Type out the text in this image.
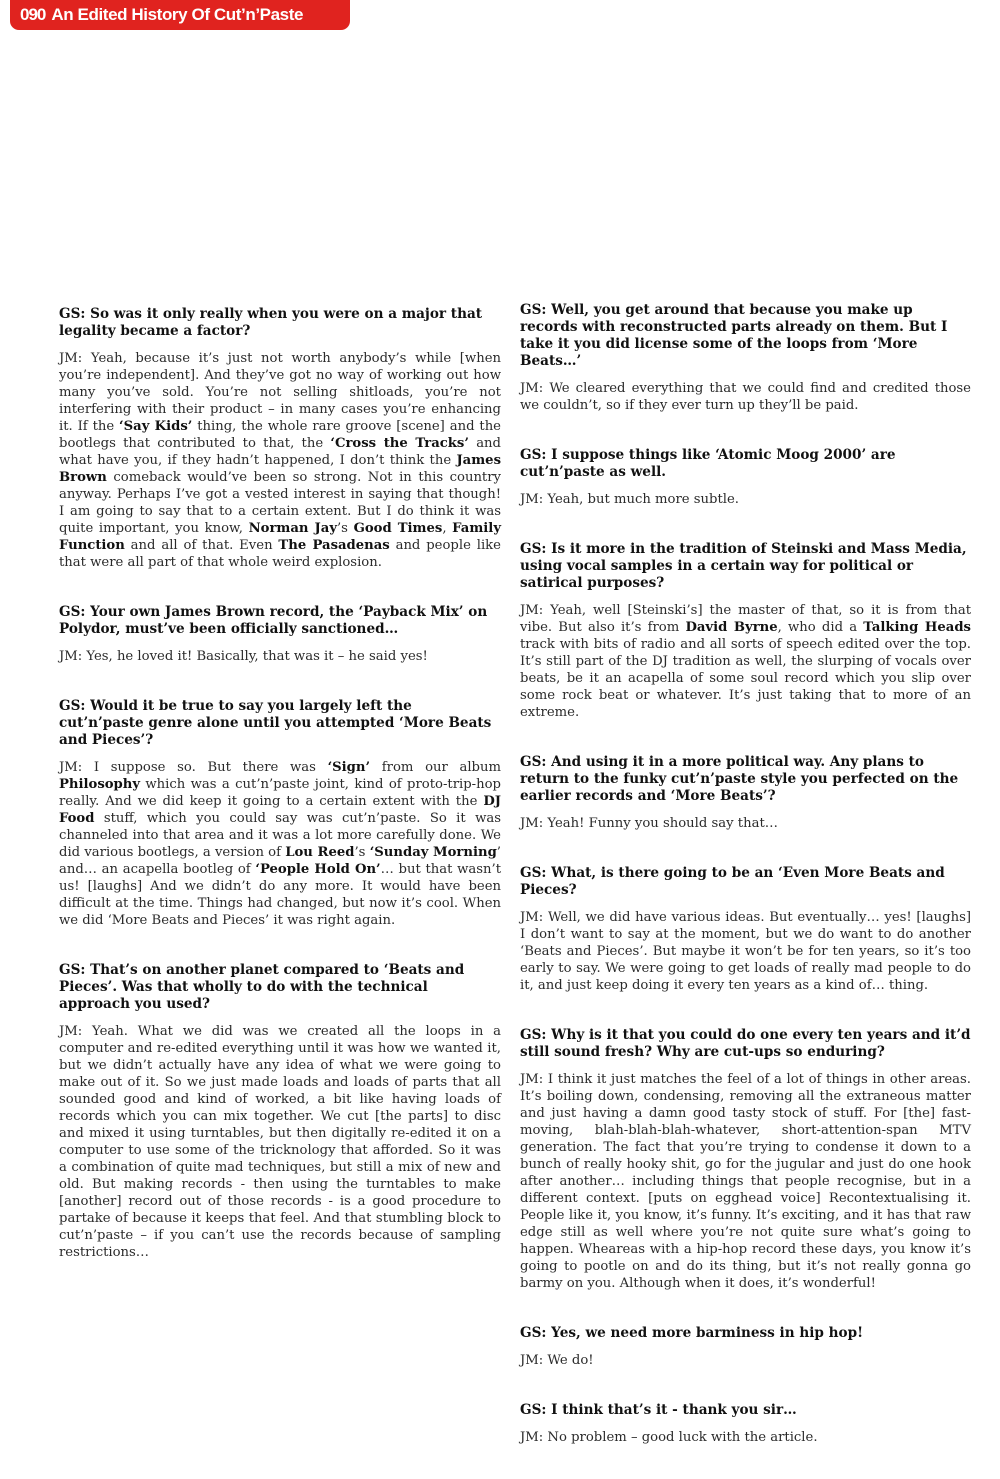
090 An Edited History Of Cut’n’Paste

GS: So was it only really when you were on a major that legality became a factor?

JM: Yeah, because it’s just not worth anybody’s while [when you’re independent]. And they’ve got no way of working out how many you’ve sold. You’re not selling shitloads, you’re not interfering with their product – in many cases you’re enhancing it. If the ‘Say Kids’ thing, the whole rare groove [scene] and the bootlegs that contributed to that, the ‘Cross the Tracks’ and what have you, if they hadn’t happened, I don’t think the James Brown comeback would’ve been so strong. Not in this country anyway. Perhaps I’ve got a vested interest in saying that though! I am going to say that to a certain extent. But I do think it was quite important, you know, Norman Jay’s Good Times, Family Function and all of that. Even The Pasadenas and people like that were all part of that whole weird explosion.

GS: Your own James Brown record, the ‘Payback Mix’ on Polydor, must’ve been officially sanctioned…

JM: Yes, he loved it! Basically, that was it – he said yes!

GS: Would it be true to say you largely left the cut’n’paste genre alone until you attempted ‘More Beats and Pieces’?

JM: I suppose so. But there was ‘Sign’ from our album Philosophy which was a cut’n’paste joint, kind of proto-trip-hop really. And we did keep it going to a certain extent with the DJ Food stuff, which you could say was cut’n’paste. So it was channeled into that area and it was a lot more carefully done. We did various bootlegs, a version of Lou Reed’s ‘Sunday Morning’ and… an acapella bootleg of ‘People Hold On’… but that wasn’t us! [laughs] And we didn’t do any more. It would have been difficult at the time. Things had changed, but now it’s cool. When we did ‘More Beats and Pieces’ it was right again.

GS: That’s on another planet compared to ‘Beats and Pieces’. Was that wholly to do with the technical approach you used?

JM: Yeah. What we did was we created all the loops in a computer and re-edited everything until it was how we wanted it, but we didn’t actually have any idea of what we were going to make out of it. So we just made loads and loads of parts that all sounded good and kind of worked, a bit like having loads of records which you can mix together. We cut [the parts] to disc and mixed it using turntables, but then digitally re-edited it on a computer to use some of the tricknology that afforded. So it was a combination of quite mad techniques, but still a mix of new and old. But making records - then using the turntables to make [another] record out of those records - is a good procedure to partake of because it keeps that feel. And that stumbling block to cut’n’paste – if you can’t use the records because of sampling restrictions…

GS: Well, you get around that because you make up records with reconstructed parts already on them. But I take it you did license some of the loops from ‘More Beats…’

JM: We cleared everything that we could find and credited those we couldn’t, so if they ever turn up they’ll be paid.

GS: I suppose things like ‘Atomic Moog 2000’ are cut’n’paste as well.

JM: Yeah, but much more subtle.

GS: Is it more in the tradition of Steinski and Mass Media, using vocal samples in a certain way for political or satirical purposes?

JM: Yeah, well [Steinski’s] the master of that, so it is from that vibe. But also it’s from David Byrne, who did a Talking Heads track with bits of radio and all sorts of speech edited over the top. It’s still part of the DJ tradition as well, the slurping of vocals over beats, be it an acapella of some soul record which you slip over some rock beat or whatever. It’s just taking that to more of an extreme.

GS: And using it in a more political way. Any plans to return to the funky cut’n’paste style you perfected on the earlier records and ‘More Beats’?

JM: Yeah! Funny you should say that…

GS: What, is there going to be an ‘Even More Beats and Pieces?

JM: Well, we did have various ideas. But eventually… yes! [laughs] I don’t want to say at the moment, but we do want to do another ‘Beats and Pieces’. But maybe it won’t be for ten years, so it’s too early to say. We were going to get loads of really mad people to do it, and just keep doing it every ten years as a kind of… thing.

GS: Why is it that you could do one every ten years and it’d still sound fresh? Why are cut-ups so enduring?

JM: I think it just matches the feel of a lot of things in other areas. It’s boiling down, condensing, removing all the extraneous matter and just having a damn good tasty stock of stuff. For [the] fast-moving, blah-blah-blah-whatever, short-attention-span MTV generation. The fact that you’re trying to condense it down to a bunch of really hooky shit, go for the jugular and just do one hook after another… including things that people recognise, but in a different context. [puts on egghead voice] Recontextualising it. People like it, you know, it’s funny. It’s exciting, and it has that raw edge still as well where you’re not quite sure what’s going to happen. Wheareas with a hip-hop record these days, you know it’s going to pootle on and do its thing, but it’s not really gonna go barmy on you. Although when it does, it’s wonderful!

GS: Yes, we need more barminess in hip hop!

JM: We do!

GS: I think that’s it - thank you sir…

JM: No problem – good luck with the article.
